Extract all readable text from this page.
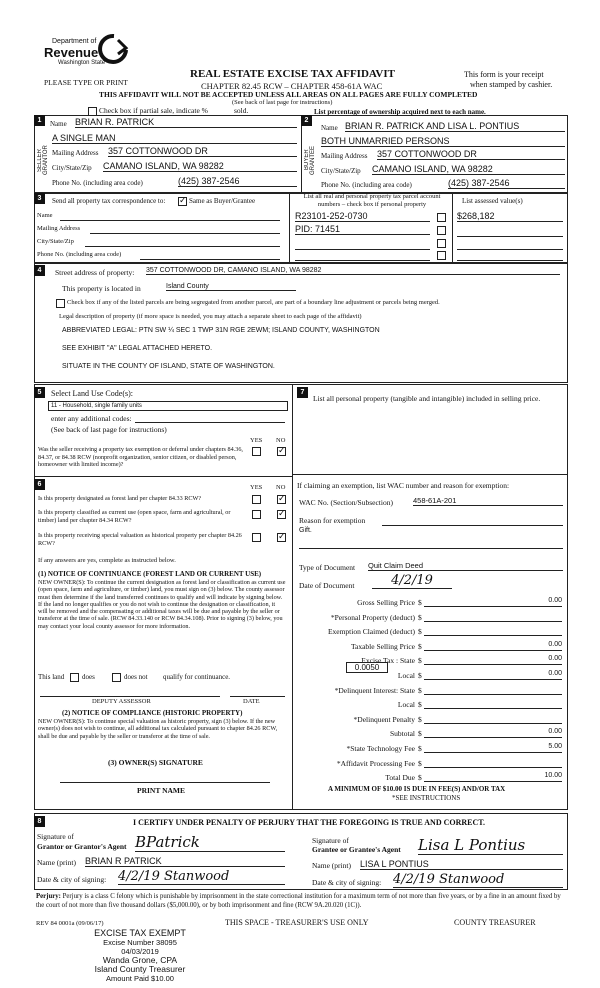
Department of
Revenue
Washington State
PLEASE TYPE OR PRINT
REAL ESTATE EXCISE TAX AFFIDAVIT
CHAPTER 82.45 RCW – CHAPTER 458-61A WAC
THIS AFFIDAVIT WILL NOT BE ACCEPTED UNLESS ALL AREAS ON ALL PAGES ARE FULLY COMPLETED
This form is your receipt
when stamped by cashier.
Check box if partial sale, indicate %	sold.
(See back of last page for instructions)
List percentage of ownership acquired next to each name.
1	2
SELLER GRANTOR	BUYER GRANTEE
Name BRIAN R. PATRICK
A SINGLE MAN
Mailing Address 357 COTTONWOOD DR
City/State/Zip CAMANO ISLAND, WA 98282
Phone No. (including area code)	(425) 387-2546
Name BRIAN R. PATRICK AND LISA L. PONTIUS
BOTH UNMARRIED PERSONS
Mailing Address 357 COTTONWOOD DR
City/State/Zip CAMANO ISLAND, WA 98282
Phone No. (including area code)	(425) 387-2546
3	Send all property tax correspondence to:
✓	Same as Buyer/Grantee
Name
Mailing Address
City/State/Zip
Phone No. (including area code)
List all real and personal property tax parcel account numbers – check box if personal property	List assessed value(s)
R23101-252-0730	$268,182
PID: 71451
4	Street address of property: 357 COTTONWOOD DR, CAMANO ISLAND, WA 98282
This property is located in	Island County
Check box if any of the listed parcels are being segregated from another parcel, are part of a boundary line adjustment or parcels being merged.
Legal description of property (if more space is needed, you may attach a separate sheet to each page of the affidavit)
ABBREVIATED LEGAL: PTN SW ¼ SEC 1 TWP 31N RGE 2EWM; ISLAND COUNTY, WASHINGTON
SEE EXHIBIT "A" LEGAL ATTACHED HERETO.
SITUATE IN THE COUNTY OF ISLAND, STATE OF WASHINGTON.
5	Select Land Use Code(s):
11 - Household, single family units
enter any additional codes:
(See back of last page for instructions)
YES NO
Was the seller receiving a property tax exemption or deferral under chapters 84.36, 84.37, or 84.38 RCW (nonprofit organization, senior citizen, or disabled person, homeowner with limited income)?
✓
6	YES NO
Is this property designated as forest land per chapter 84.33 RCW?
✓
Is this property classified as current use (open space, farm and agricultural, or timber) land per chapter 84.34 RCW?
✓
Is this property receiving special valuation as historical property per chapter 84.26 RCW?
✓
If any answers are yes, complete as instructed below.
(1) NOTICE OF CONTINUANCE (FOREST LAND OR CURRENT USE)
NEW OWNER(S): To continue the current designation as forest land or classification as current use (open space, farm and agriculture, or timber) land, you must sign on (3) below. The county assessor must then determine if the land transferred continues to qualify and will indicate by signing below. If the land no longer qualifies or you do not wish to continue the designation or classification, it will be removed and the compensating or additional taxes will be due and payable by the seller or transferor at the time of sale. (RCW 84.33.140 or RCW 84.34.108). Prior to signing (3) below, you may contact your local county assessor for more information.
This land	does	does not qualify for continuance.
DEPUTY ASSESSOR	DATE
(2) NOTICE OF COMPLIANCE (HISTORIC PROPERTY)
NEW OWNER(S): To continue special valuation as historic property, sign (3) below. If the new owner(s) does not wish to continue, all additional tax calculated pursuant to chapter 84.26 RCW, shall be due and payable by the seller or transferor at the time of sale.
(3) OWNER(S) SIGNATURE
PRINT NAME
7
List all personal property (tangible and intangible) included in selling price.
If claiming an exemption, list WAC number and reason for exemption:
WAC No. (Section/Subsection)	458-61A-201
Reason for exemption
Gift.
Type of Document Quit Claim Deed
Date of Document	4/2/19
Gross Selling Price $	0.00
*Personal Property (deduct) $
Exemption Claimed (deduct) $
Taxable Selling Price $	0.00
Excise Tax : State $	0.00
Local $	0.00
*Delinquent Interest: State $
Local $
*Delinquent Penalty $
Subtotal $	0.00
*State Technology Fee $	5.00
*Affidavit Processing Fee $
Total Due $	10.00
0.0050
A MINIMUM OF $10.00 IS DUE IN FEE(S) AND/OR TAX
*SEE INSTRUCTIONS
8	I CERTIFY UNDER PENALTY OF PERJURY THAT THE FOREGOING IS TRUE AND CORRECT.
Signature of
Grantor or Grantor's Agent BPatrick
Name (print) BRIAN R PATRICK
Date & city of signing: 4/2/19 Stanwood
Signature of
Grantee or Grantee's Agent Lisa L Pontius
Name (print) LISA L PONTIUS
Date & city of signing: 4/2/19 Stanwood
Perjury: Perjury is a class C felony which is punishable by imprisonment in the state correctional institution for a maximum term of not more than five years, or by a fine in an amount fixed by the court of not more than five thousand dollars ($5,000.00), or by both imprisonment and fine (RCW 9A.20.020 (1C)).
REV 84 0001a (09/06/17)	THIS SPACE - TREASURER'S USE ONLY	COUNTY TREASURER
EXCISE TAX EXEMPT
Excise Number 38095
04/03/2019
Wanda Grone, CPA
Island County Treasurer
Amount Paid $10.00
